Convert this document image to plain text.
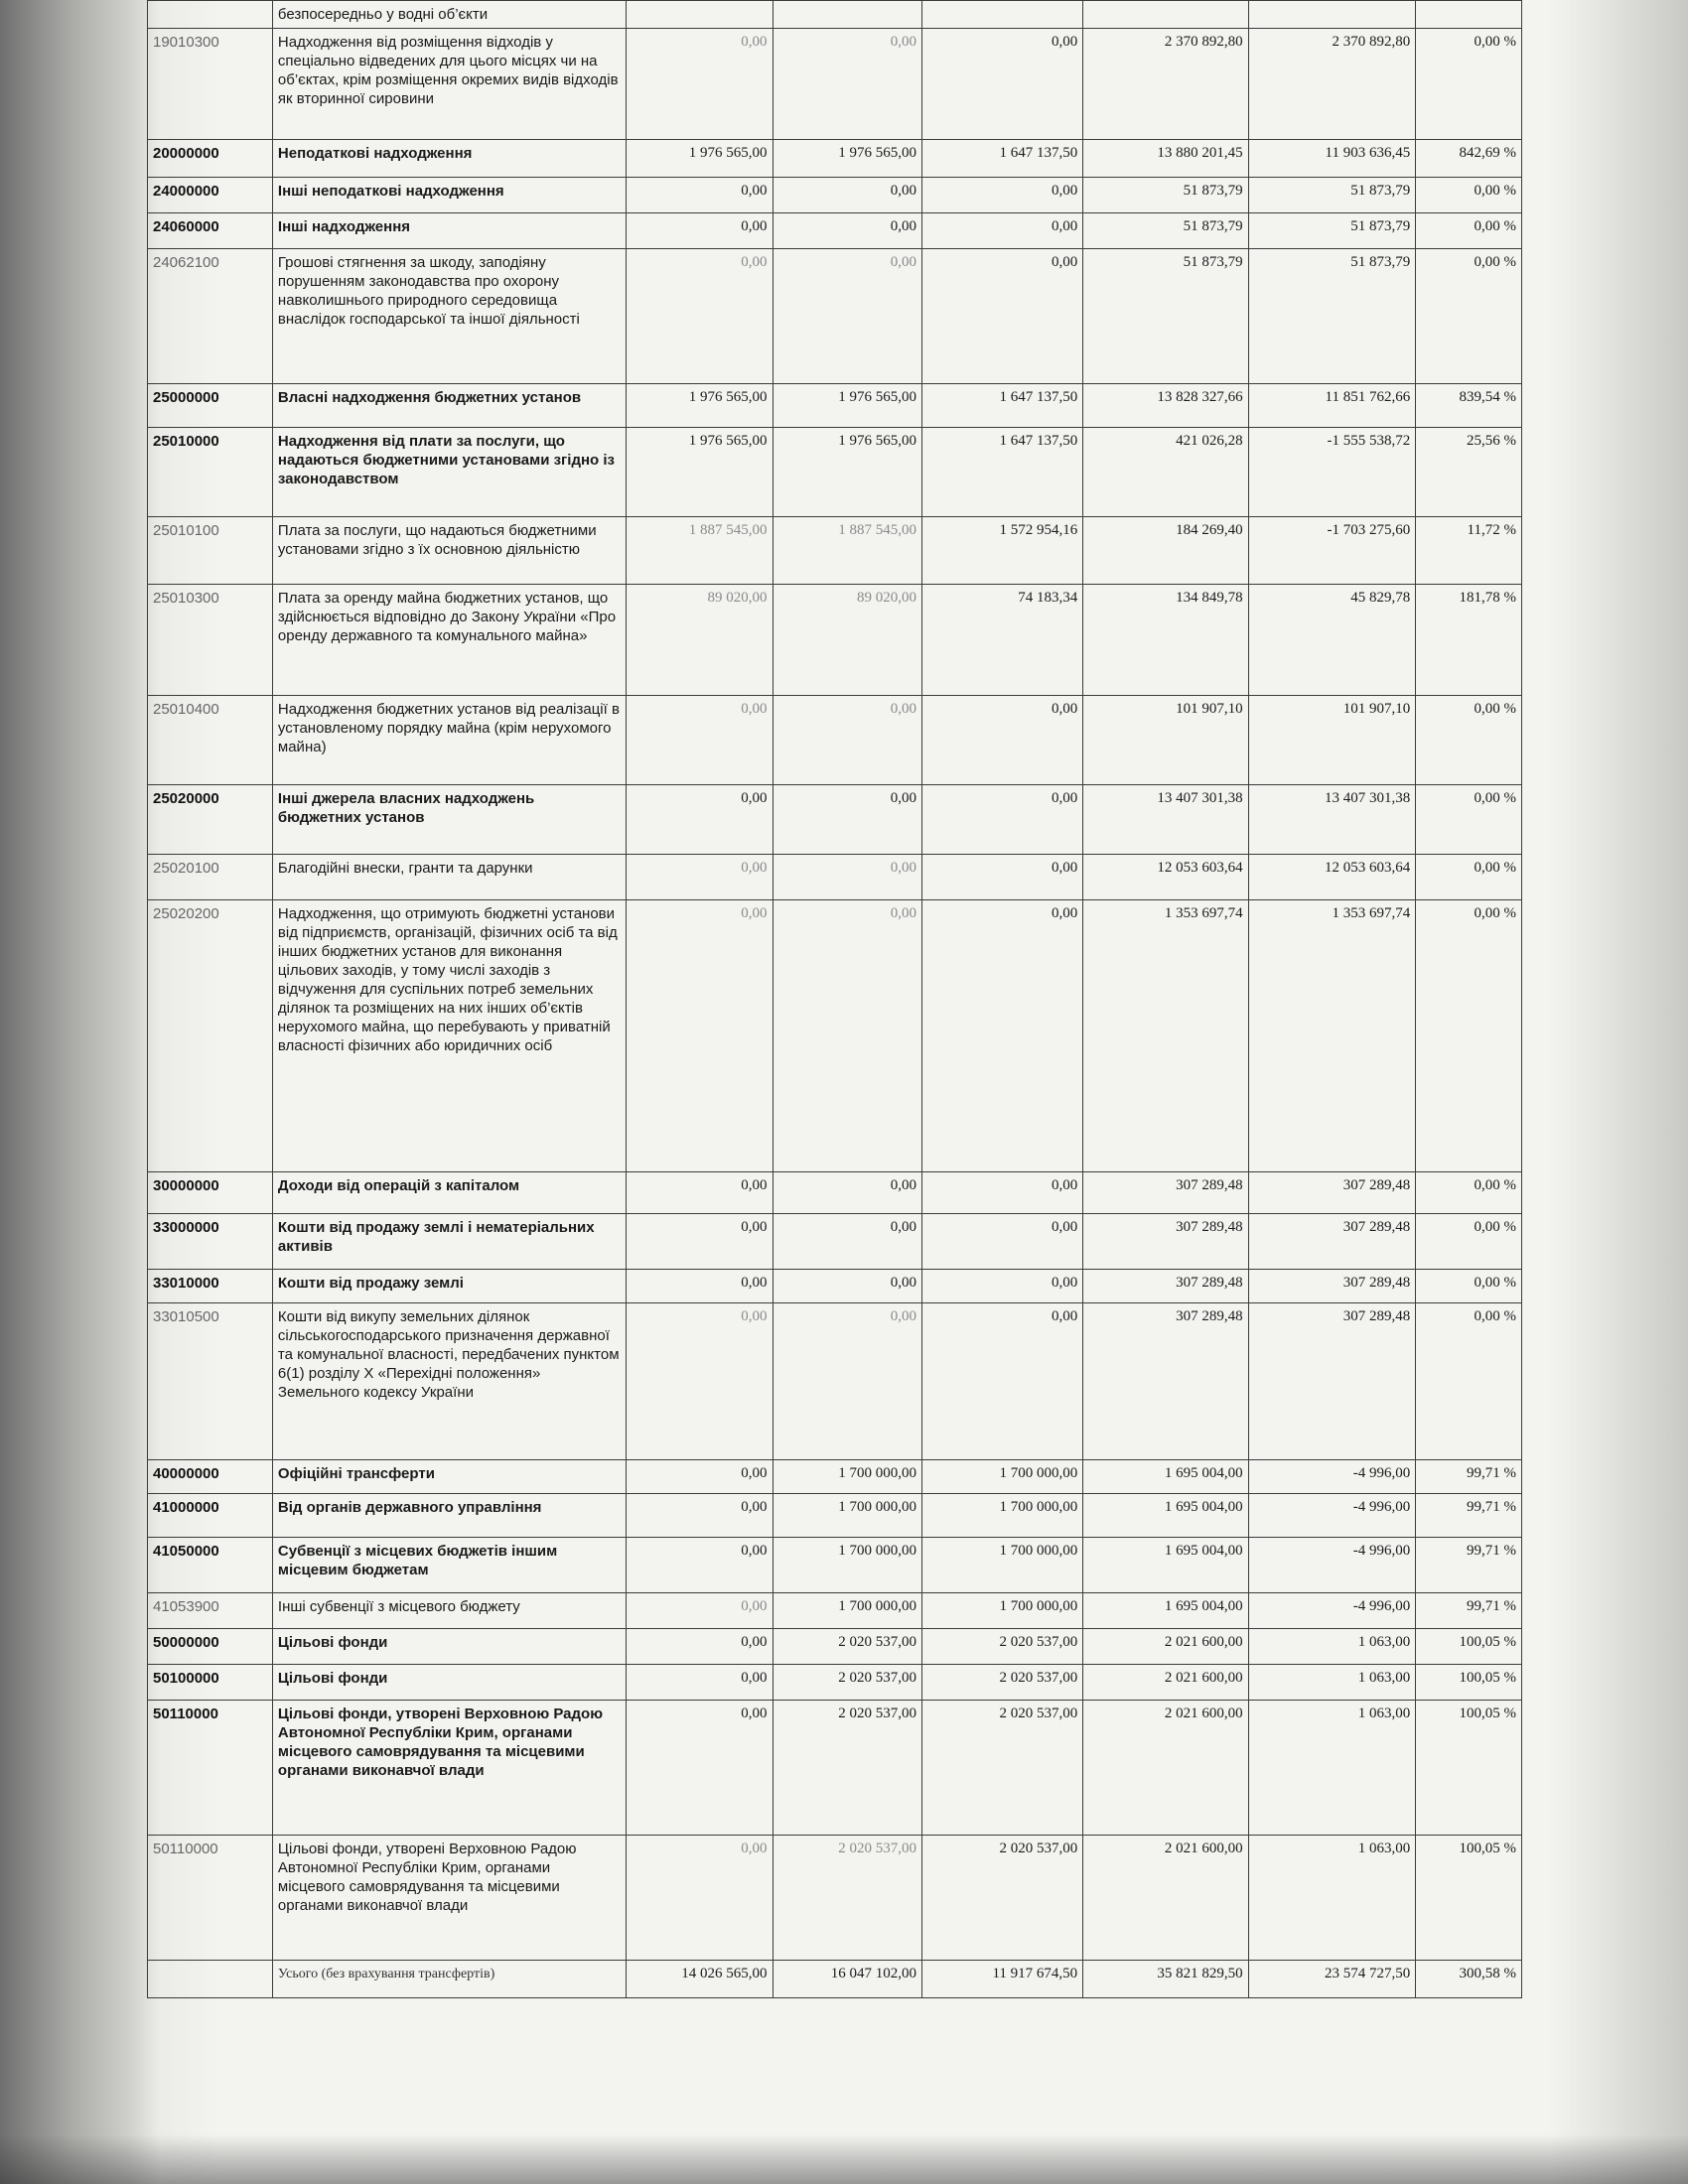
	безпосередньо у водні об’єкти						
19010300	Надходження від розміщення відходів у спеціально відведених для цього місцях чи на об’єктах, крім розміщення окремих видів відходів як вторинної сировини	0,00	0,00	0,00	2 370 892,80	2 370 892,80	0,00 %
20000000	Неподаткові надходження	1 976 565,00	1 976 565,00	1 647 137,50	13 880 201,45	11 903 636,45	842,69 %
24000000	Інші неподаткові надходження	0,00	0,00	0,00	51 873,79	51 873,79	0,00 %
24060000	Інші надходження	0,00	0,00	0,00	51 873,79	51 873,79	0,00 %
24062100	Грошові стягнення за шкоду, заподіяну порушенням законодавства про охорону навколишнього природного середовища внаслідок господарської та іншої діяльності	0,00	0,00	0,00	51 873,79	51 873,79	0,00 %
25000000	Власні надходження бюджетних установ	1 976 565,00	1 976 565,00	1 647 137,50	13 828 327,66	11 851 762,66	839,54 %
25010000	Надходження від плати за послуги, що надаються бюджетними установами згідно із законодавством	1 976 565,00	1 976 565,00	1 647 137,50	421 026,28	-1 555 538,72	25,56 %
25010100	Плата за послуги, що надаються бюджетними установами згідно з їх основною діяльністю	1 887 545,00	1 887 545,00	1 572 954,16	184 269,40	-1 703 275,60	11,72 %
25010300	Плата за оренду майна бюджетних установ, що здійснюється відповідно до Закону України «Про оренду державного та комунального майна»	89 020,00	89 020,00	74 183,34	134 849,78	45 829,78	181,78 %
25010400	Надходження бюджетних установ від реалізації в установленому порядку майна (крім нерухомого майна)	0,00	0,00	0,00	101 907,10	101 907,10	0,00 %
25020000	Інші джерела власних надходжень бюджетних установ	0,00	0,00	0,00	13 407 301,38	13 407 301,38	0,00 %
25020100	Благодійні внески, гранти та дарунки	0,00	0,00	0,00	12 053 603,64	12 053 603,64	0,00 %
25020200	Надходження, що отримують бюджетні установи від підприємств, організацій, фізичних осіб та від інших бюджетних установ для виконання цільових заходів, у тому числі заходів з відчуження для суспільних потреб земельних ділянок та розміщених на них інших об’єктів нерухомого майна, що перебувають у приватній власності фізичних або юридичних осіб	0,00	0,00	0,00	1 353 697,74	1 353 697,74	0,00 %
30000000	Доходи від операцій з капіталом	0,00	0,00	0,00	307 289,48	307 289,48	0,00 %
33000000	Кошти від продажу землі і нематеріальних активів	0,00	0,00	0,00	307 289,48	307 289,48	0,00 %
33010000	Кошти від продажу землі	0,00	0,00	0,00	307 289,48	307 289,48	0,00 %
33010500	Кошти від викупу земельних ділянок сільськогосподарського призначення державної та комунальної власності, передбачених пунктом 6(1) розділу X «Перехідні положення» Земельного кодексу України	0,00	0,00	0,00	307 289,48	307 289,48	0,00 %
40000000	Офіційні трансферти	0,00	1 700 000,00	1 700 000,00	1 695 004,00	-4 996,00	99,71 %
41000000	Від органів державного управління	0,00	1 700 000,00	1 700 000,00	1 695 004,00	-4 996,00	99,71 %
41050000	Субвенції з місцевих бюджетів іншим місцевим бюджетам	0,00	1 700 000,00	1 700 000,00	1 695 004,00	-4 996,00	99,71 %
41053900	Інші субвенції з місцевого бюджету	0,00	1 700 000,00	1 700 000,00	1 695 004,00	-4 996,00	99,71 %
50000000	Цільові фонди	0,00	2 020 537,00	2 020 537,00	2 021 600,00	1 063,00	100,05 %
50100000	Цільові фонди	0,00	2 020 537,00	2 020 537,00	2 021 600,00	1 063,00	100,05 %
50110000	Цільові фонди, утворені Верховною Радою Автономної Республіки Крим, органами місцевого самоврядування та місцевими органами виконавчої влади	0,00	2 020 537,00	2 020 537,00	2 021 600,00	1 063,00	100,05 %
50110000	Цільові фонди, утворені Верховною Радою Автономної Республіки Крим, органами місцевого самоврядування та місцевими органами виконавчої влади	0,00	2 020 537,00	2 020 537,00	2 021 600,00	1 063,00	100,05 %
	Усього (без врахування трансфертів)	14 026 565,00	16 047 102,00	11 917 674,50	35 821 829,50	23 574 727,50	300,58 %
